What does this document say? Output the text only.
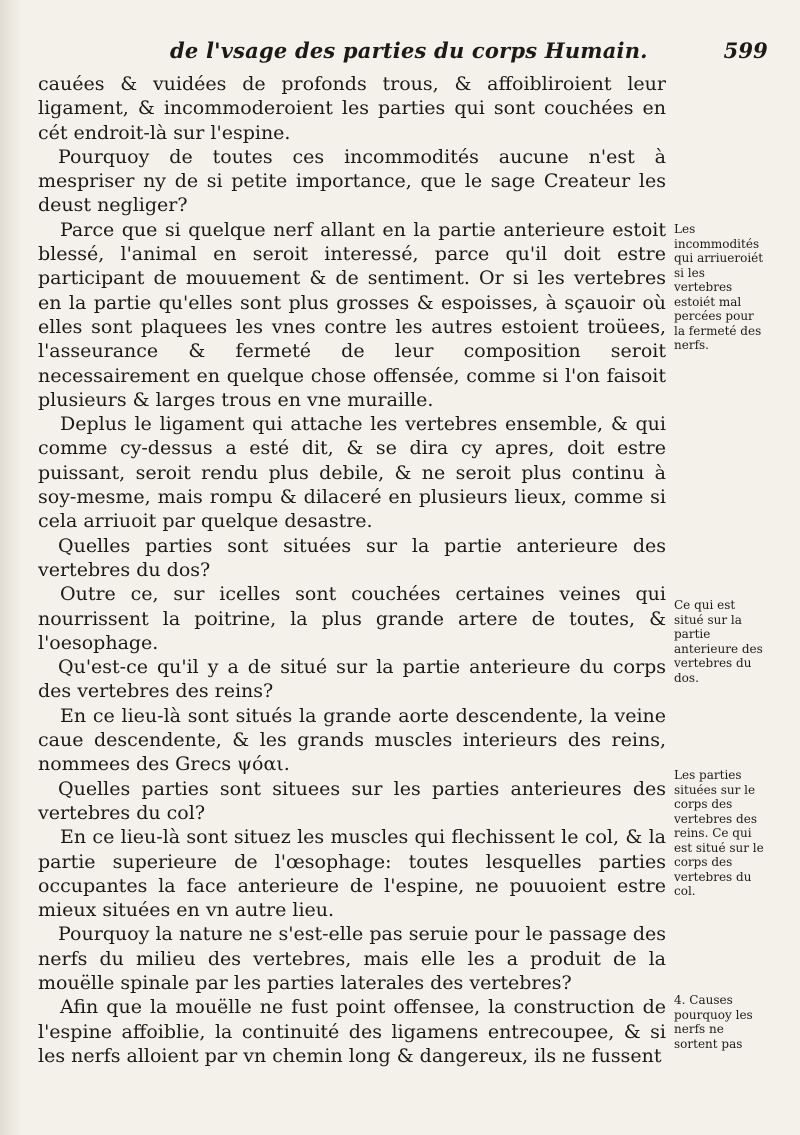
de l'vsage des parties du corps Humain.	599

cauées & vuidées de profonds trous, & affoibliroient leur ligament, & incommoderoient les parties qui sont couchées en cét endroit-là sur l'espine.

Pourquoy de toutes ces incommodités aucune n'est à mespriser ny de si petite importance, que le sage Createur les deust negliger?

Parce que si quelque nerf allant en la partie anterieure estoit blessé, l'animal en seroit interessé, parce qu'il doit estre participant de mouuement & de sentiment. Or si les vertebres en la partie qu'elles sont plus grosses & espoisses, à sçauoir où elles sont plaquees les vnes contre les autres estoient troüees, l'asseurance & fermeté de leur composition seroit necessairement en quelque chose offensée, comme si l'on faisoit plusieurs & larges trous en vne muraille.

Deplus le ligament qui attache les vertebres ensemble, & qui comme cy-dessus a esté dit, & se dira cy apres, doit estre puissant, seroit rendu plus debile, & ne seroit plus continu à soy-mesme, mais rompu & dilaceré en plusieurs lieux, comme si cela arriuoit par quelque desastre.

Quelles parties sont situées sur la partie anterieure des vertebres du dos?

Outre ce, sur icelles sont couchées certaines veines qui nourrissent la poitrine, la plus grande artere de toutes, & l'oesophage.

Qu'est-ce qu'il y a de situé sur la partie anterieure du corps des vertebres des reins?

En ce lieu-là sont situés la grande aorte descendente, la veine caue descendente, & les grands muscles interieurs des reins, nommees des Grecs ψόαι.

Quelles parties sont situees sur les parties anterieures des vertebres du col?

En ce lieu-là sont situez les muscles qui flechissent le col, & la partie superieure de l'œsophage: toutes lesquelles parties occupantes la face anterieure de l'espine, ne pouuoient estre mieux situées en vn autre lieu.

Pourquoy la nature ne s'est-elle pas seruie pour le passage des nerfs du milieu des vertebres, mais elle les a produit de la mouëlle spinale par les parties laterales des vertebres?

Afin que la mouëlle ne fust point offensee, la construction de l'espine affoiblie, la continuité des ligamens entrecoupee, & si les nerfs alloient par vn chemin long & dangereux, ils ne fussent

Les incommodités qui arriueroiét si les vertebres estoiét mal percées pour la fermeté des nerfs.
Ce qui est situé sur la partie anterieure des vertebres du dos.
Les parties situées sur le corps des vertebres des reins. Ce qui est situé sur le corps des vertebres du col.
4. Causes pourquoy les nerfs ne sortent pas
